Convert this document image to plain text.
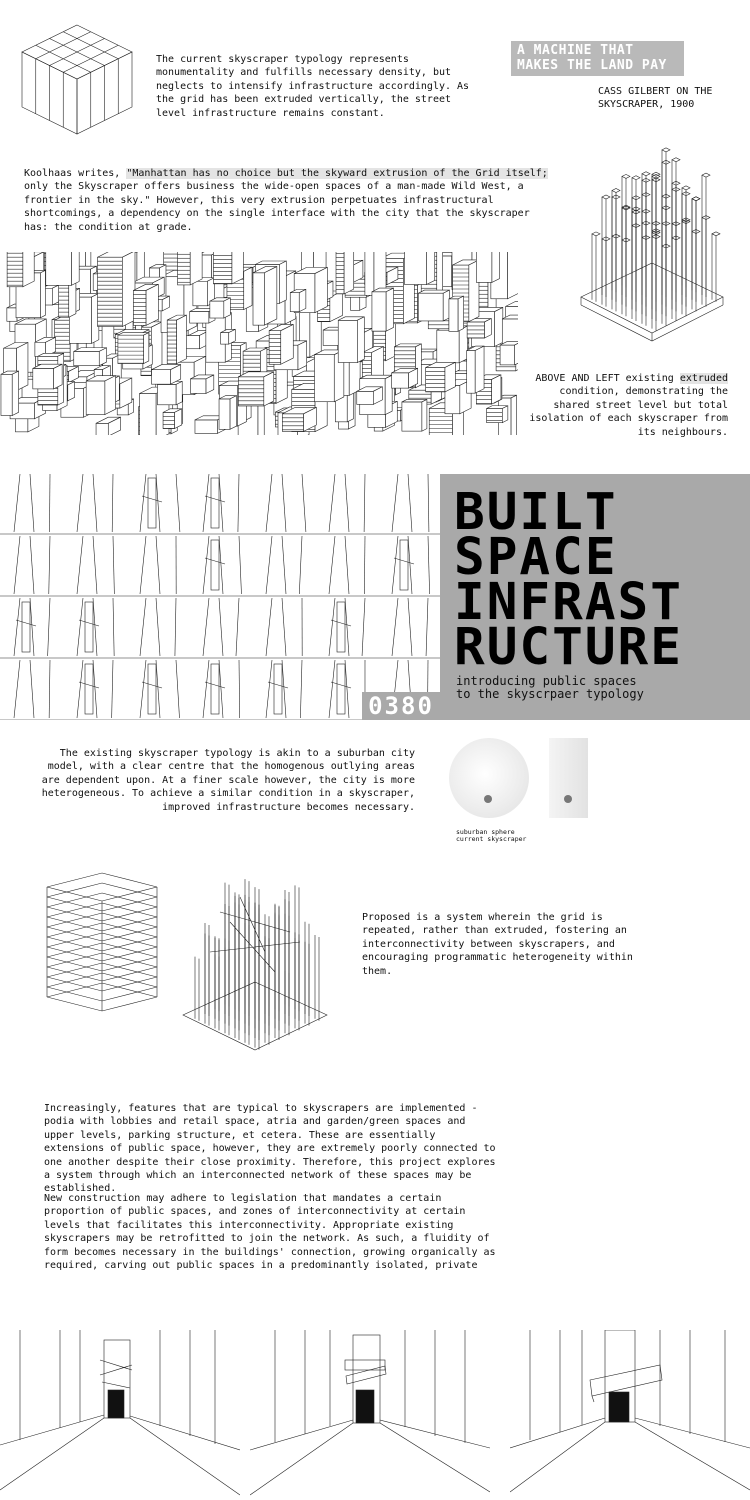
The current skyscraper typology represents monumentality and fulfills necessary density, but neglects to intensify infrastructure accordingly. As the grid has been extruded vertically, the street level infrastructure remains constant.
A MACHINE THAT
MAKES THE LAND PAY
CASS GILBERT ON THE
SKYSCRAPER, 1900
Koolhaas writes, "Manhattan has no choice but the skyward extrusion of the Grid itself; only the Skyscraper offers business the wide-open spaces of a man-made Wild West, a frontier in the sky." However, this very extrusion perpetuates infrastructural shortcomings, a dependency on the single interface with the city that the skyscraper has: the condition at grade.
ABOVE AND LEFT existing extruded condition, demonstrating the shared street level but total isolation of each skyscraper from its neighbours.
BUILT
SPACE
INFRAST
RUCTURE
introducing public spaces
to the skyscrpaer typology
0380
The existing skyscraper typology is akin to a suburban city model, with a clear centre that the homogenous outlying areas are dependent upon. At a finer scale however, the city is more heterogeneous. To achieve a similar condition in a skyscraper, improved infrastructure becomes necessary.
suburban sphere
current skyscraper
Proposed is a system wherein the grid is repeated, rather than extruded, fostering an interconnectivity between skyscrapers, and encouraging programmatic heterogeneity within them.
Increasingly, features that are typical to skyscrapers are implemented - podia with lobbies and retail space, atria and garden/green spaces and upper levels, parking structure, et cetera. These are essentially extensions of public space, however, they are extremely poorly connected to one another despite their close proximity. Therefore, this project explores a system through which an interconnected network of these spaces may be established.
New construction may adhere to legislation that mandates a certain proportion of public spaces, and zones of interconnectivity at certain levels that facilitates this interconnectivity. Appropriate existing skyscrapers may be retrofitted to join the network. As such, a fluidity of form becomes necessary in the buildings' connection, growing organically as required, carving out public spaces in a predominantly isolated, private
